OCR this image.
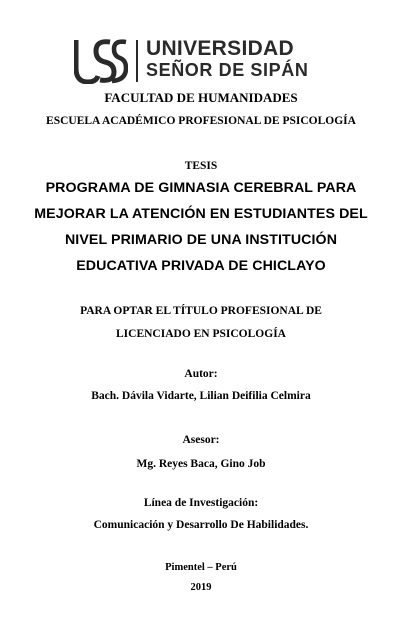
UNIVERSIDAD
SEÑOR DE SIPÁN
FACULTAD DE HUMANIDADES
ESCUELA ACADÉMICO PROFESIONAL DE PSICOLOGÍA
TESIS
PROGRAMA DE GIMNASIA CEREBRAL PARA
MEJORAR LA ATENCIÓN EN ESTUDIANTES DEL
NIVEL PRIMARIO DE UNA INSTITUCIÓN
EDUCATIVA PRIVADA DE CHICLAYO
PARA OPTAR EL TÍTULO PROFESIONAL DE
LICENCIADO EN PSICOLOGÍA
Autor:
Bach. Dávila Vidarte, Lilian Deifilia Celmira
Asesor:
Mg. Reyes Baca, Gino Job
Línea de Investigación:
Comunicación y Desarrollo De Habilidades.
Pimentel – Perú
2019
